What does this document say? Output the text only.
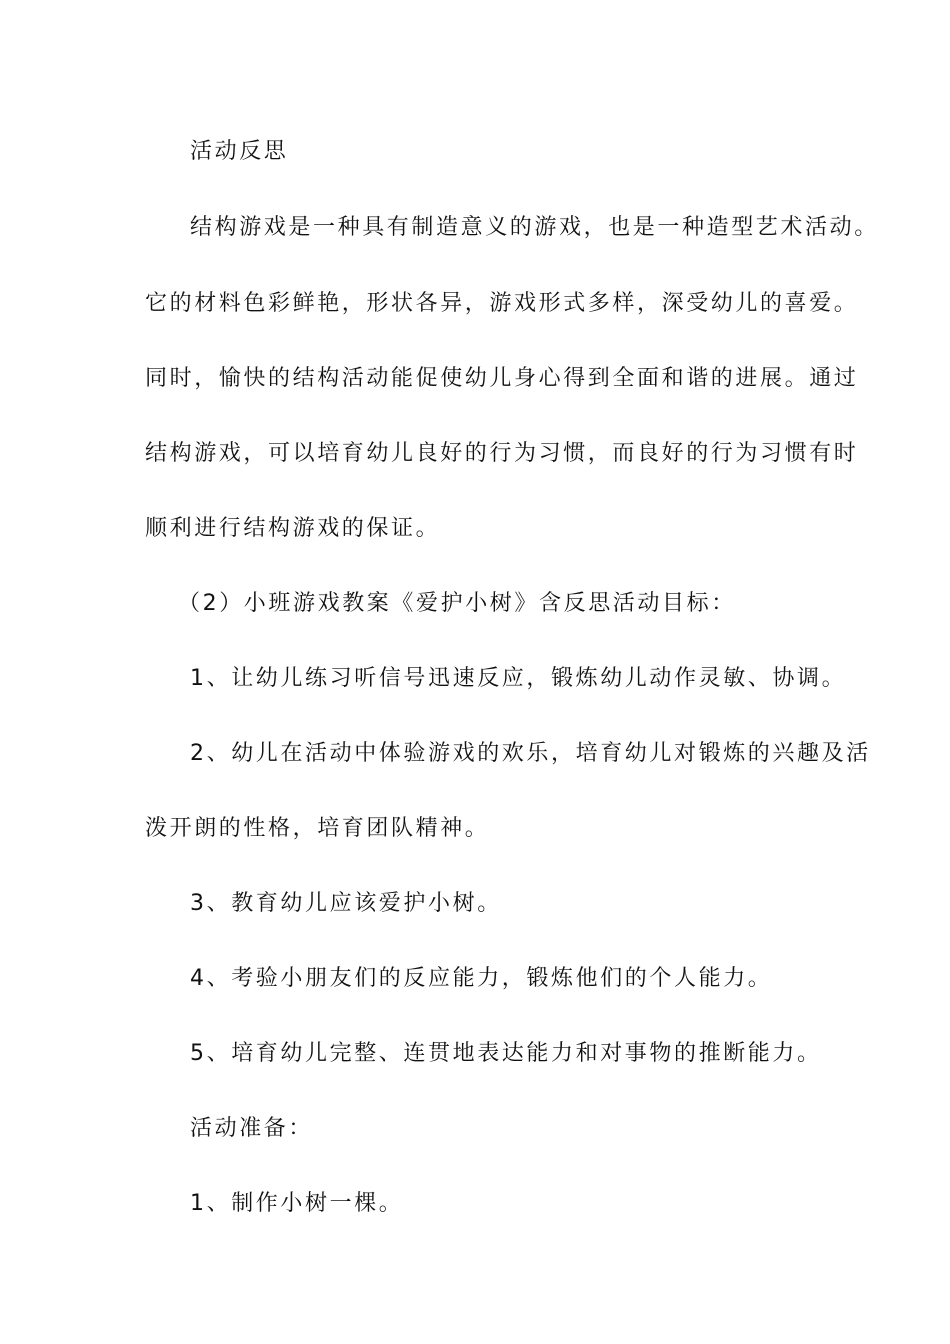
活动反思
结构游戏是一种具有制造意义的游戏，也是一种造型艺术活动。
它的材料色彩鲜艳，形状各异，游戏形式多样，深受幼儿的喜爱。
同时，愉快的结构活动能促使幼儿身心得到全面和谐的进展。通过
结构游戏，可以培育幼儿良好的行为习惯，而良好的行为习惯有时
顺利进行结构游戏的保证。
（2）小班游戏教案《爱护小树》含反思活动目标：
1、让幼儿练习听信号迅速反应，锻炼幼儿动作灵敏、协调。
2、幼儿在活动中体验游戏的欢乐，培育幼儿对锻炼的兴趣及活
泼开朗的性格，培育团队精神。
3、教育幼儿应该爱护小树。
4、考验小朋友们的反应能力，锻炼他们的个人能力。
5、培育幼儿完整、连贯地表达能力和对事物的推断能力。
活动准备：
1、制作小树一棵。
